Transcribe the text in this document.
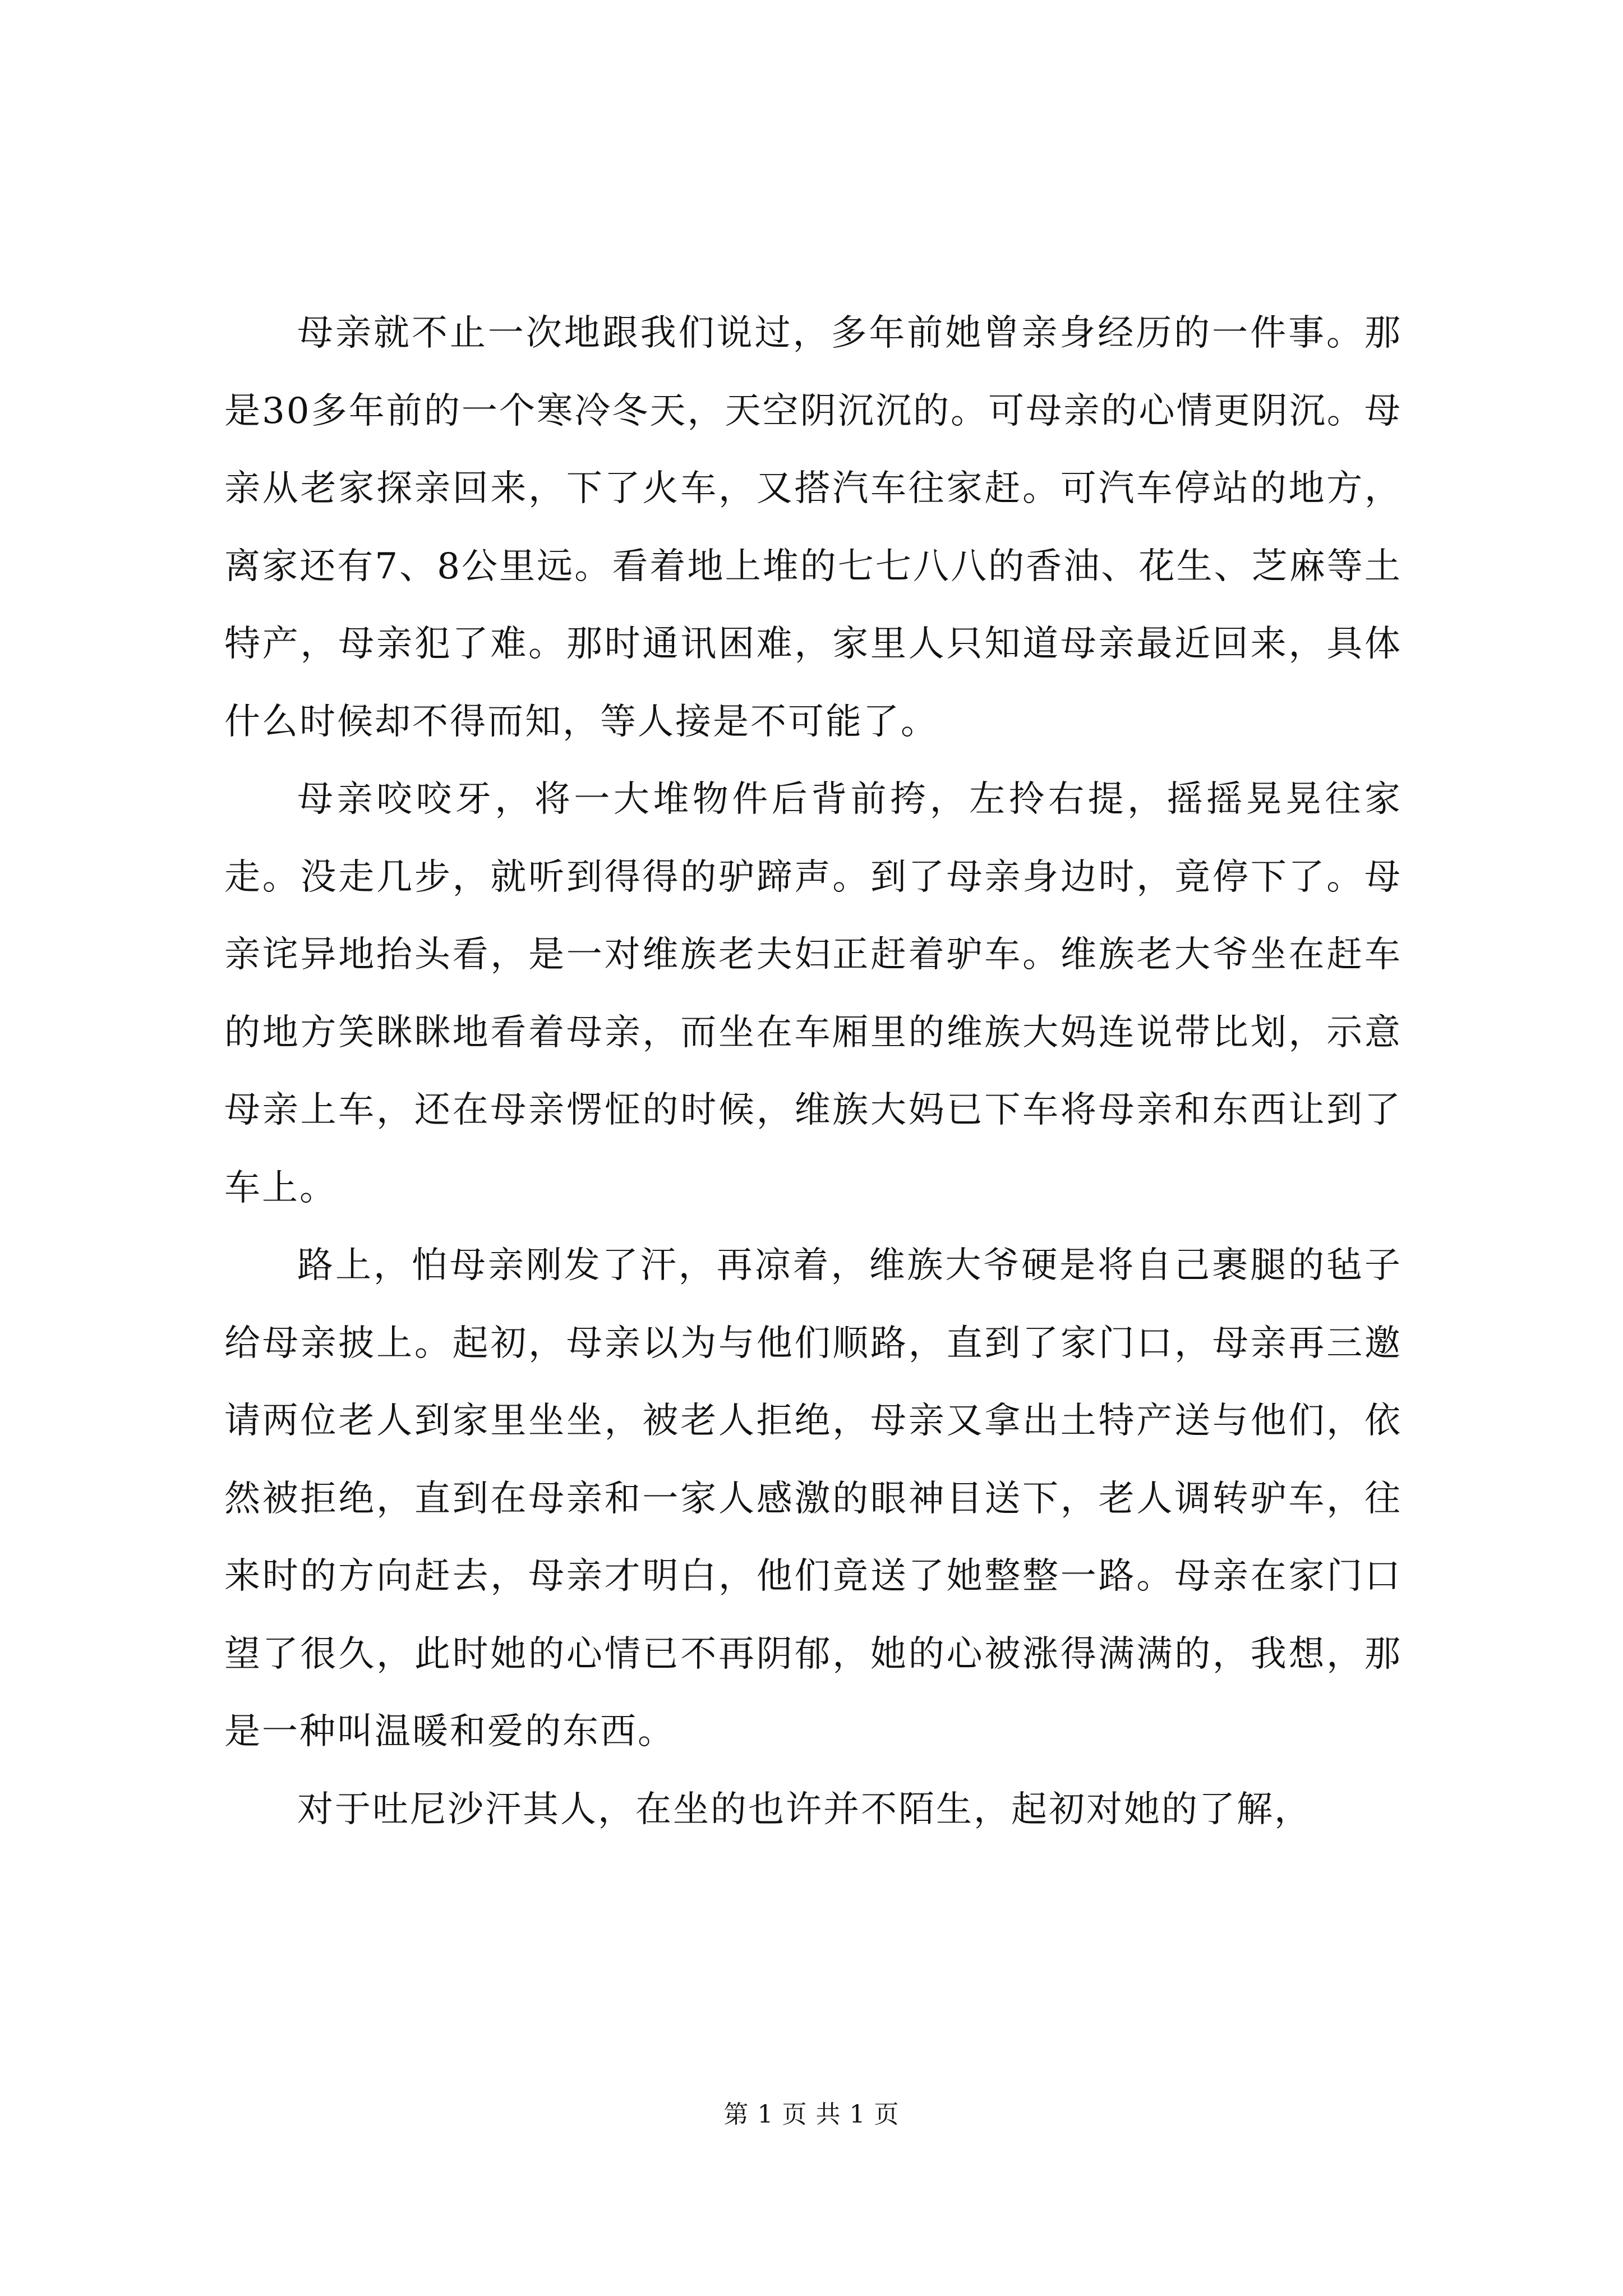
母亲就不止一次地跟我们说过，多年前她曾亲身经历的一件事。那是30多年前的一个寒冷冬天，天空阴沉沉的。可母亲的心情更阴沉。母亲从老家探亲回来，下了火车，又搭汽车往家赶。可汽车停站的地方，离家还有7、8公里远。看着地上堆的七七八八的香油、花生、芝麻等土特产，母亲犯了难。那时通讯困难，家里人只知道母亲最近回来，具体什么时候却不得而知，等人接是不可能了。

母亲咬咬牙，将一大堆物件后背前挎，左拎右提，摇摇晃晃往家走。没走几步，就听到得得的驴蹄声。到了母亲身边时，竟停下了。母亲诧异地抬头看，是一对维族老夫妇正赶着驴车。维族老大爷坐在赶车的地方笑眯眯地看着母亲，而坐在车厢里的维族大妈连说带比划，示意母亲上车，还在母亲愣怔的时候，维族大妈已下车将母亲和东西让到了车上。

路上，怕母亲刚发了汗，再凉着，维族大爷硬是将自己裹腿的毡子给母亲披上。起初，母亲以为与他们顺路，直到了家门口，母亲再三邀请两位老人到家里坐坐，被老人拒绝，母亲又拿出土特产送与他们，依然被拒绝，直到在母亲和一家人感激的眼神目送下，老人调转驴车，往来时的方向赶去，母亲才明白，他们竟送了她整整一路。母亲在家门口望了很久，此时她的心情已不再阴郁，她的心被涨得满满的，我想，那是一种叫温暖和爱的东西。

对于吐尼沙汗其人，在坐的也许并不陌生，起初对她的了解，

第 1 页 共 1 页
